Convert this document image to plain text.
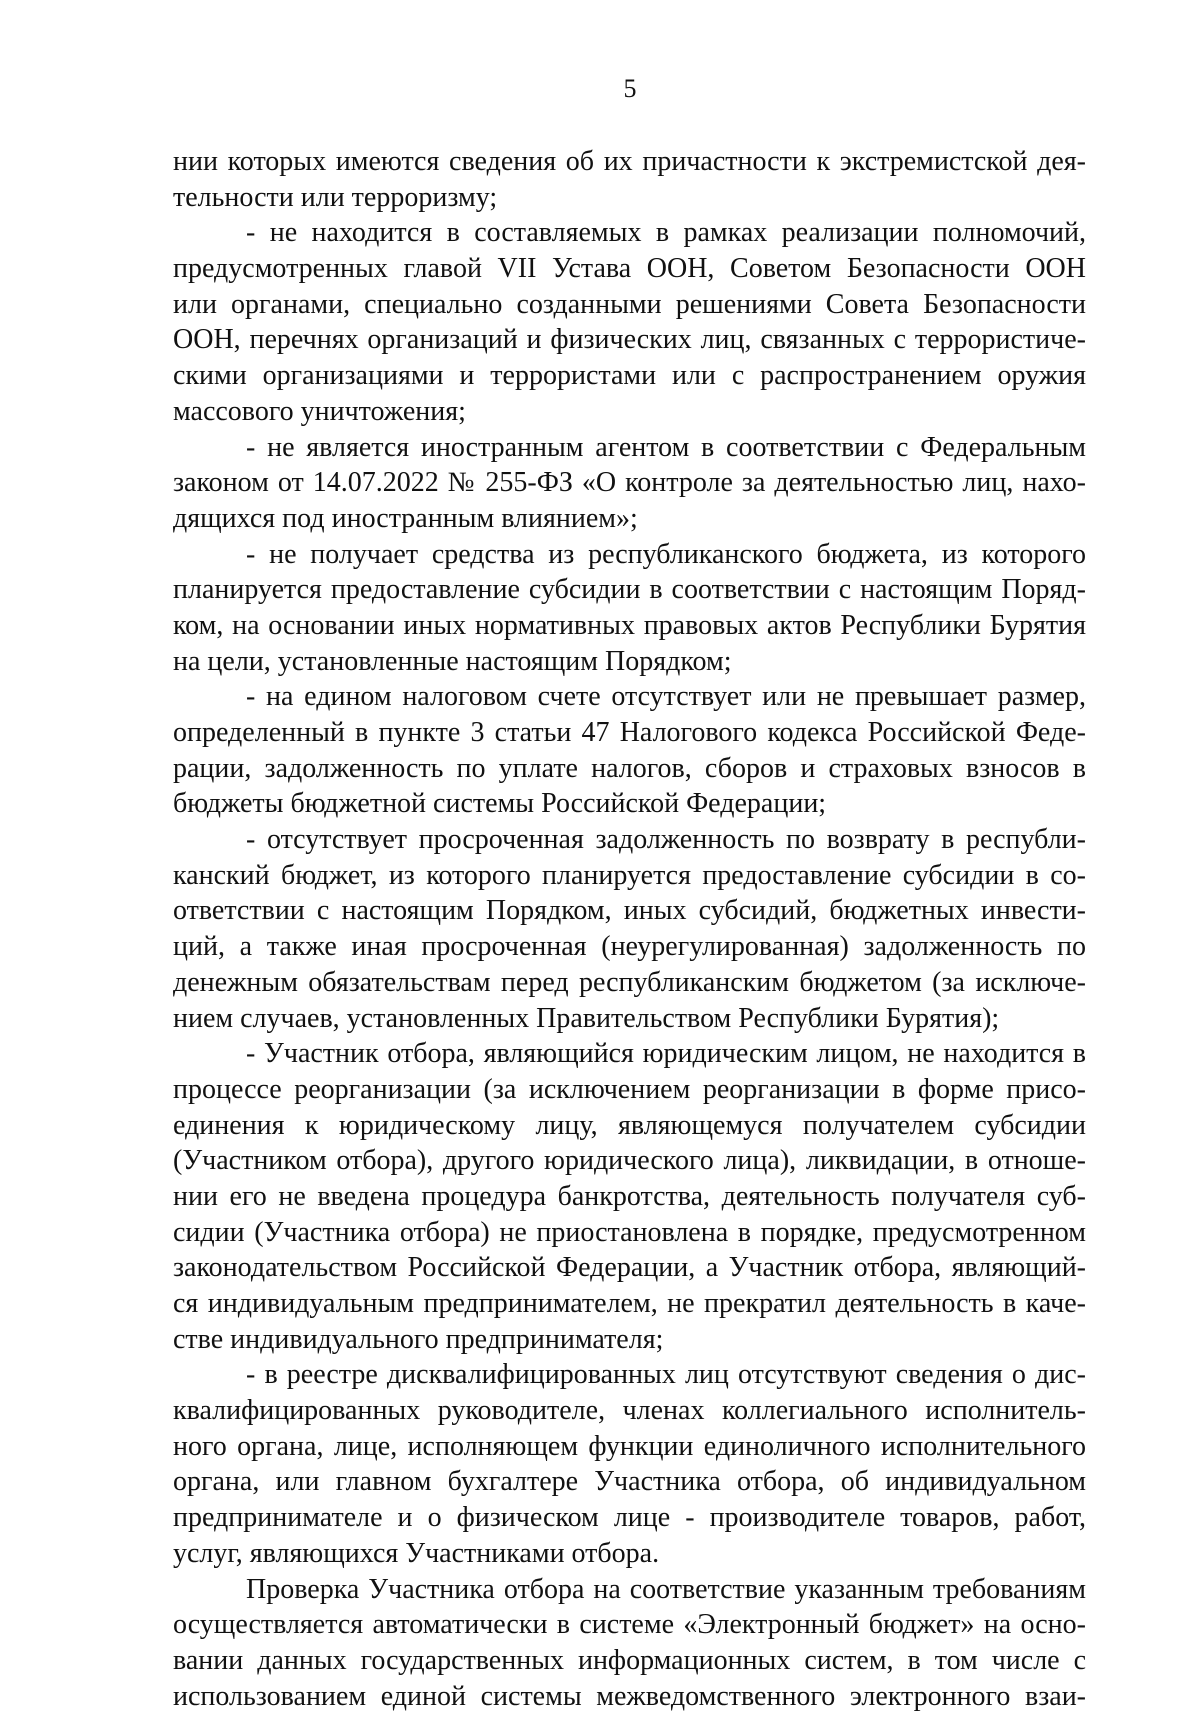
5
нии которых имеются сведения об их причастности к экстремистской дея-
тельности или терроризму;
- не находится в составляемых в рамках реализации полномочий,
предусмотренных главой VII Устава ООН, Советом Безопасности ООН
или органами, специально созданными решениями Совета Безопасности
ООН, перечнях организаций и физических лиц, связанных с террористиче-
скими организациями и террористами или с распространением оружия
массового уничтожения;
- не является иностранным агентом в соответствии с Федеральным
законом от 14.07.2022 № 255-ФЗ «О контроле за деятельностью лиц, нахо-
дящихся под иностранным влиянием»;
- не получает средства из республиканского бюджета, из которого
планируется предоставление субсидии в соответствии с настоящим Поряд-
ком, на основании иных нормативных правовых актов Республики Бурятия
на цели, установленные настоящим Порядком;
- на едином налоговом счете отсутствует или не превышает размер,
определенный в пункте 3 статьи 47 Налогового кодекса Российской Феде-
рации, задолженность по уплате налогов, сборов и страховых взносов в
бюджеты бюджетной системы Российской Федерации;
- отсутствует просроченная задолженность по возврату в республи-
канский бюджет, из которого планируется предоставление субсидии в со-
ответствии с настоящим Порядком, иных субсидий, бюджетных инвести-
ций, а также иная просроченная (неурегулированная) задолженность по
денежным обязательствам перед республиканским бюджетом (за исключе-
нием случаев, установленных Правительством Республики Бурятия);
- Участник отбора, являющийся юридическим лицом, не находится в
процессе реорганизации (за исключением реорганизации в форме присо-
единения к юридическому лицу, являющемуся получателем субсидии
(Участником отбора), другого юридического лица), ликвидации, в отноше-
нии его не введена процедура банкротства, деятельность получателя суб-
сидии (Участника отбора) не приостановлена в порядке, предусмотренном
законодательством Российской Федерации, а Участник отбора, являющий-
ся индивидуальным предпринимателем, не прекратил деятельность в каче-
стве индивидуального предпринимателя;
- в реестре дисквалифицированных лиц отсутствуют сведения о дис-
квалифицированных руководителе, членах коллегиального исполнитель-
ного органа, лице, исполняющем функции единоличного исполнительного
органа, или главном бухгалтере Участника отбора, об индивидуальном
предпринимателе и о физическом лице - производителе товаров, работ,
услуг, являющихся Участниками отбора.
Проверка Участника отбора на соответствие указанным требованиям
осуществляется автоматически в системе «Электронный бюджет» на осно-
вании данных государственных информационных систем, в том числе с
использованием единой системы межведомственного электронного взаи-
